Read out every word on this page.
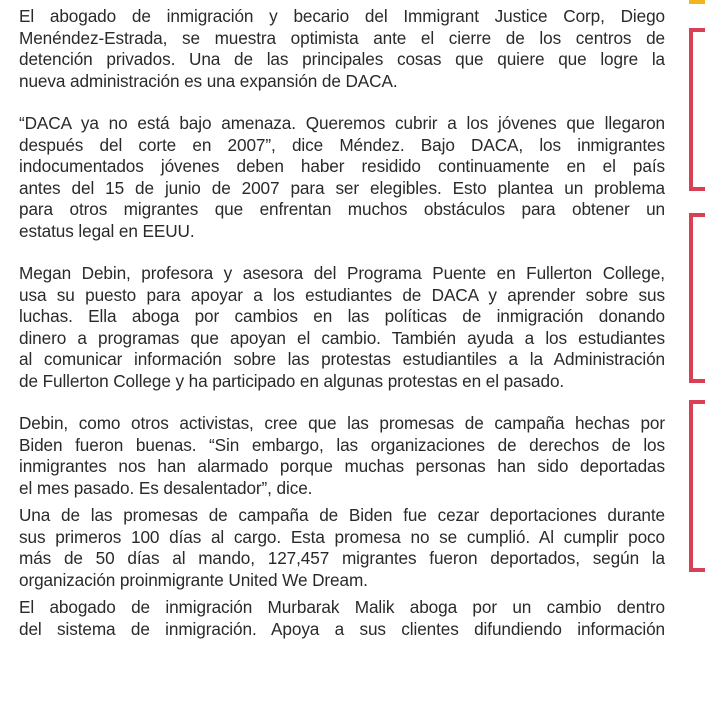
El abogado de inmigración y becario del Immigrant Justice Corp, Diego
Menéndez-Estrada, se muestra optimista ante el cierre de los centros de
detención privados. Una de las principales cosas que quiere que logre la
nueva administración es una expansión de DACA.

“DACA ya no está bajo amenaza. Queremos cubrir a los jóvenes que llegaron
después del corte en 2007”, dice Méndez. Bajo DACA, los inmigrantes
indocumentados jóvenes deben haber residido continuamente en el país
antes del 15 de junio de 2007 para ser elegibles. Esto plantea un problema
para otros migrantes que enfrentan muchos obstáculos para obtener un
estatus legal en EEUU.

Megan Debin, profesora y asesora del Programa Puente en Fullerton College,
usa su puesto para apoyar a los estudiantes de DACA y aprender sobre sus
luchas. Ella aboga por cambios en las políticas de inmigración donando
dinero a programas que apoyan el cambio. También ayuda a los estudiantes
al comunicar información sobre las protestas estudiantiles a la Administración
de Fullerton College y ha participado en algunas protestas en el pasado.

Debin, como otros activistas, cree que las promesas de campaña hechas por
Biden fueron buenas. “Sin embargo, las organizaciones de derechos de los
inmigrantes nos han alarmado porque muchas personas han sido deportadas
el mes pasado. Es desalentador”, dice.

Una de las promesas de campaña de Biden fue cezar deportaciones durante
sus primeros 100 días al cargo. Esta promesa no se cumplió. Al cumplir poco
más de 50 días al mando, 127,457 migrantes fueron deportados, según la
organización proinmigrante United We Dream.

El abogado de inmigración Murbarak Malik aboga por un cambio dentro
del sistema de inmigración. Apoya a sus clientes difundiendo información
